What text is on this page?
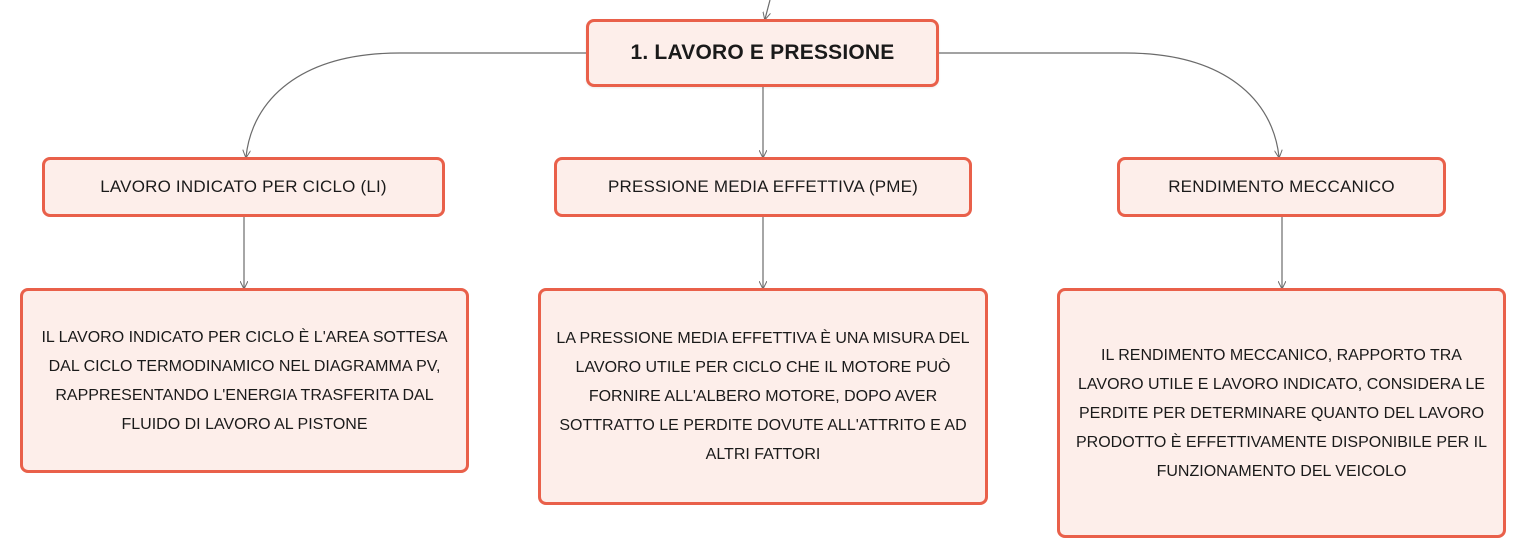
1. LAVORO E PRESSIONE
LAVORO INDICATO PER CICLO (LI)	PRESSIONE MEDIA EFFETTIVA (PME)	RENDIMENTO MECCANICO
IL LAVORO INDICATO PER CICLO È L'AREA SOTTESA DAL CICLO TERMODINAMICO NEL DIAGRAMMA PV, RAPPRESENTANDO L'ENERGIA TRASFERITA DAL FLUIDO DI LAVORO AL PISTONE
LA PRESSIONE MEDIA EFFETTIVA È UNA MISURA DEL LAVORO UTILE PER CICLO CHE IL MOTORE PUÒ FORNIRE ALL'ALBERO MOTORE, DOPO AVER SOTTRATTO LE PERDITE DOVUTE ALL'ATTRITO E AD ALTRI FATTORI
IL RENDIMENTO MECCANICO, RAPPORTO TRA LAVORO UTILE E LAVORO INDICATO, CONSIDERA LE PERDITE PER DETERMINARE QUANTO DEL LAVORO PRODOTTO È EFFETTIVAMENTE DISPONIBILE PER IL FUNZIONAMENTO DEL VEICOLO
